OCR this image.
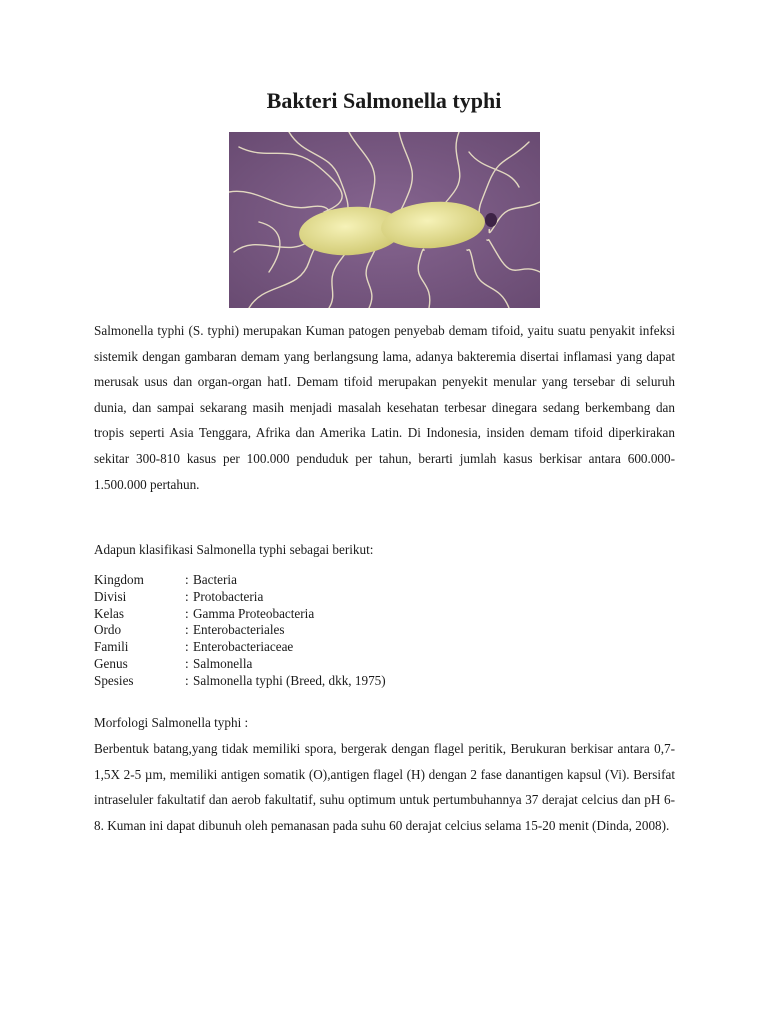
Bakteri Salmonella typhi

Salmonella typhi (S. typhi) merupakan Kuman patogen penyebab demam tifoid, yaitu suatu penyakit infeksi sistemik dengan gambaran demam yang berlangsung lama, adanya bakteremia disertai inflamasi yang dapat merusak usus dan organ-organ hatI. Demam tifoid merupakan penyekit menular yang tersebar di seluruh dunia, dan sampai sekarang masih menjadi masalah kesehatan terbesar dinegara sedang berkembang dan tropis seperti Asia Tenggara, Afrika dan Amerika Latin. Di Indonesia, insiden demam tifoid diperkirakan sekitar 300-810 kasus per 100.000 penduduk per tahun, berarti jumlah kasus berkisar antara 600.000-1.500.000 pertahun.

Adapun klasifikasi Salmonella typhi sebagai berikut:

Kingdom	: Bacteria
Divisi	: Protobacteria
Kelas	: Gamma Proteobacteria
Ordo	: Enterobacteriales
Famili	: Enterobacteriaceae
Genus	: Salmonella
Spesies	: Salmonella typhi (Breed, dkk, 1975)

Morfologi Salmonella typhi :

Berbentuk batang,yang tidak memiliki spora, bergerak dengan flagel peritik, Berukuran berkisar antara 0,7-1,5X 2-5 µm, memiliki antigen somatik (O),antigen flagel (H) dengan 2 fase danantigen kapsul (Vi). Bersifat intraseluler fakultatif dan aerob fakultatif, suhu optimum untuk pertumbuhannya 37 derajat celcius dan pH 6-8. Kuman ini dapat dibunuh oleh pemanasan pada suhu 60 derajat celcius selama 15-20 menit (Dinda, 2008).
